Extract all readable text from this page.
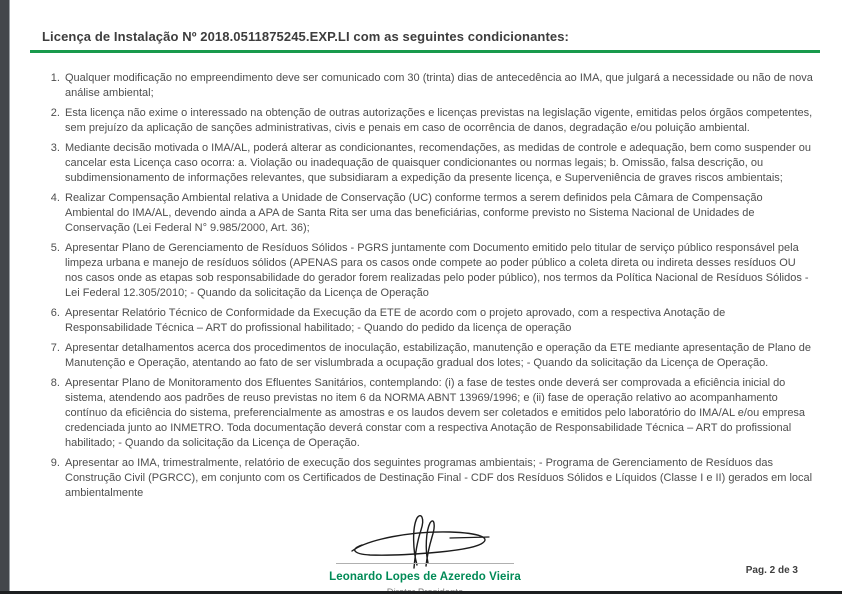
Licença de Instalação Nº 2018.0511875245.EXP.LI com as seguintes condicionantes:
1. Qualquer modificação no empreendimento deve ser comunicado com 30 (trinta) dias de antecedência ao IMA, que julgará a necessidade ou não de nova análise ambiental;
2. Esta licença não exime o interessado na obtenção de outras autorizações e licenças previstas na legislação vigente, emitidas pelos órgãos competentes, sem prejuízo da aplicação de sanções administrativas, civis e penais em caso de ocorrência de danos, degradação e/ou poluição ambiental.
3. Mediante decisão motivada o IMA/AL, poderá alterar as condicionantes, recomendações, as medidas de controle e adequação, bem como suspender ou cancelar esta Licença caso ocorra: a. Violação ou inadequação de quaisquer condicionantes ou normas legais; b. Omissão, falsa descrição, ou subdimensionamento de informações relevantes, que subsidiaram a expedição da presente licença, e Superveniência de graves riscos ambientais;
4. Realizar Compensação Ambiental relativa a Unidade de Conservação (UC) conforme termos a serem definidos pela Câmara de Compensação Ambiental do IMA/AL, devendo ainda a APA de Santa Rita ser uma das beneficiárias, conforme previsto no Sistema Nacional de Unidades de Conservação (Lei Federal N° 9.985/2000, Art. 36);
5. Apresentar Plano de Gerenciamento de Resíduos Sólidos - PGRS juntamente com Documento emitido pelo titular de serviço público responsável pela limpeza urbana e manejo de resíduos sólidos (APENAS para os casos onde compete ao poder público a coleta direta ou indireta desses resíduos OU nos casos onde as etapas sob responsabilidade do gerador forem realizadas pelo poder público), nos termos da Política Nacional de Resíduos Sólidos - Lei Federal 12.305/2010; - Quando da solicitação da Licença de Operação
6. Apresentar Relatório Técnico de Conformidade da Execução da ETE de acordo com o projeto aprovado, com a respectiva Anotação de Responsabilidade Técnica – ART do profissional habilitado; - Quando do pedido da licença de operação
7. Apresentar detalhamentos acerca dos procedimentos de inoculação, estabilização, manutenção e operação da ETE mediante apresentação de Plano de Manutenção e Operação, atentando ao fato de ser vislumbrada a ocupação gradual dos lotes; - Quando da solicitação da Licença de Operação.
8. Apresentar Plano de Monitoramento dos Efluentes Sanitários, contemplando: (i) a fase de testes onde deverá ser comprovada a eficiência inicial do sistema, atendendo aos padrões de reuso previstas no item 6 da NORMA ABNT 13969/1996; e (ii) fase de operação relativo ao acompanhamento contínuo da eficiência do sistema, preferencialmente as amostras e os laudos devem ser coletados e emitidos pelo laboratório do IMA/AL e/ou empresa credenciada junto ao INMETRO. Toda documentação deverá constar com a respectiva Anotação de Responsabilidade Técnica – ART do profissional habilitado; - Quando da solicitação da Licença de Operação.
9. Apresentar ao IMA, trimestralmente, relatório de execução dos seguintes programas ambientais; - Programa de Gerenciamento de Resíduos das Construção Civil (PGRCC), em conjunto com os Certificados de Destinação Final - CDF dos Resíduos Sólidos e Líquidos (Classe I e II) gerados em local ambientalmente
Leonardo Lopes de Azeredo Vieira
Pag. 2 de 3
